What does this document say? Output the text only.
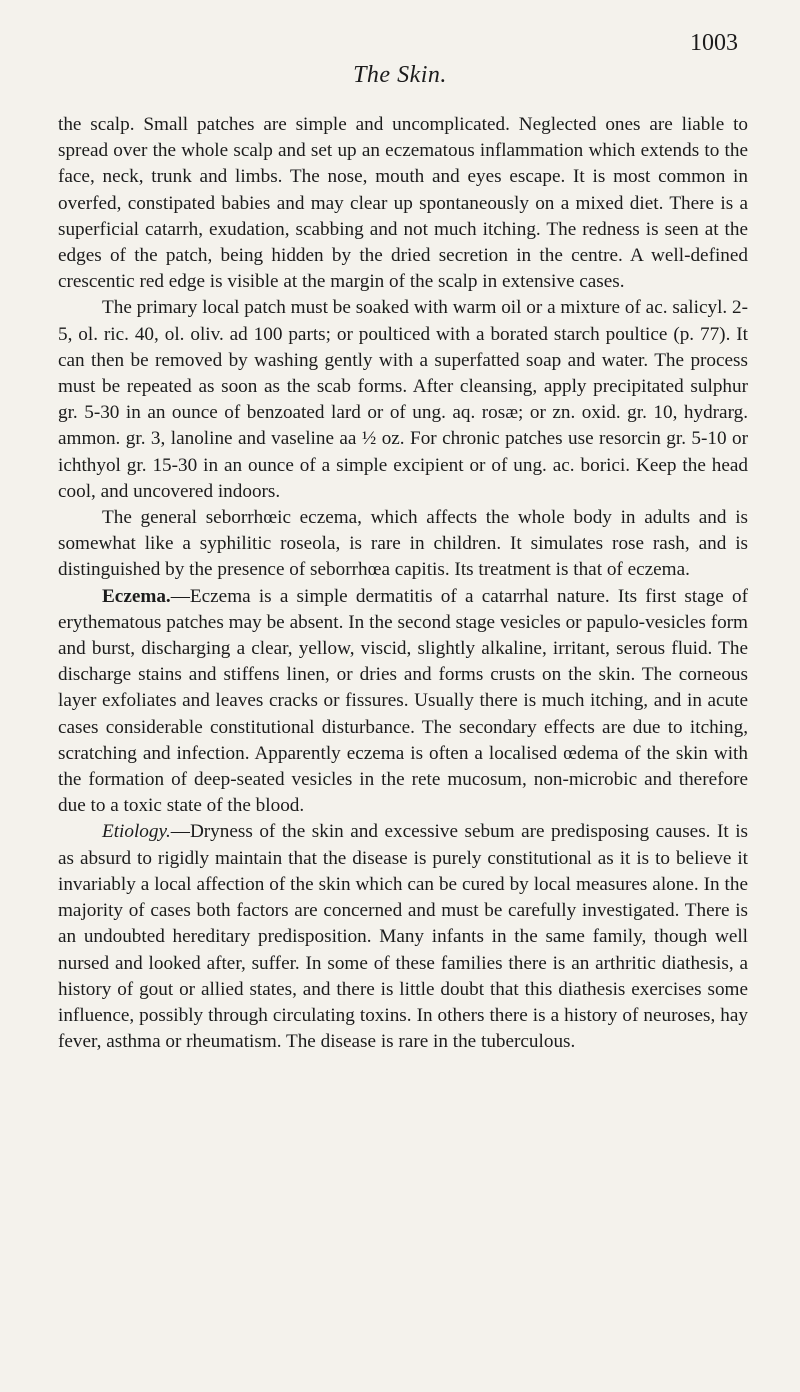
1003
The Skin.

the scalp. Small patches are simple and uncomplicated. Neglected ones are liable to spread over the whole scalp and set up an eczematous inflammation which extends to the face, neck, trunk and limbs. The nose, mouth and eyes escape. It is most common in overfed, constipated babies and may clear up spontaneously on a mixed diet. There is a superficial catarrh, exudation, scabbing and not much itching. The redness is seen at the edges of the patch, being hidden by the dried secretion in the centre. A well-defined crescentic red edge is visible at the margin of the scalp in extensive cases.

The primary local patch must be soaked with warm oil or a mixture of ac. salicyl. 2-5, ol. ric. 40, ol. oliv. ad 100 parts; or poulticed with a borated starch poultice (p. 77). It can then be removed by washing gently with a superfatted soap and water. The process must be repeated as soon as the scab forms. After cleansing, apply precipitated sulphur gr. 5-30 in an ounce of benzoated lard or of ung. aq. rosæ; or zn. oxid. gr. 10, hydrarg. ammon. gr. 3, lanoline and vaseline aa ½ oz. For chronic patches use resorcin gr. 5-10 or ichthyol gr. 15-30 in an ounce of a simple excipient or of ung. ac. borici. Keep the head cool, and uncovered indoors.

The general seborrhœic eczema, which affects the whole body in adults and is somewhat like a syphilitic roseola, is rare in children. It simulates rose rash, and is distinguished by the presence of seborrhœa capitis. Its treatment is that of eczema.

Eczema.—Eczema is a simple dermatitis of a catarrhal nature. Its first stage of erythematous patches may be absent. In the second stage vesicles or papulo-vesicles form and burst, discharging a clear, yellow, viscid, slightly alkaline, irritant, serous fluid. The discharge stains and stiffens linen, or dries and forms crusts on the skin. The corneous layer exfoliates and leaves cracks or fissures. Usually there is much itching, and in acute cases considerable constitutional disturbance. The secondary effects are due to itching, scratching and infection. Apparently eczema is often a localised œdema of the skin with the formation of deep-seated vesicles in the rete mucosum, non-microbic and therefore due to a toxic state of the blood.

Etiology.—Dryness of the skin and excessive sebum are predisposing causes. It is as absurd to rigidly maintain that the disease is purely constitutional as it is to believe it invariably a local affection of the skin which can be cured by local measures alone. In the majority of cases both factors are concerned and must be carefully investigated. There is an undoubted hereditary predisposition. Many infants in the same family, though well nursed and looked after, suffer. In some of these families there is an arthritic diathesis, a history of gout or allied states, and there is little doubt that this diathesis exercises some influence, possibly through circulating toxins. In others there is a history of neuroses, hay fever, asthma or rheumatism. The disease is rare in the tuberculous.
